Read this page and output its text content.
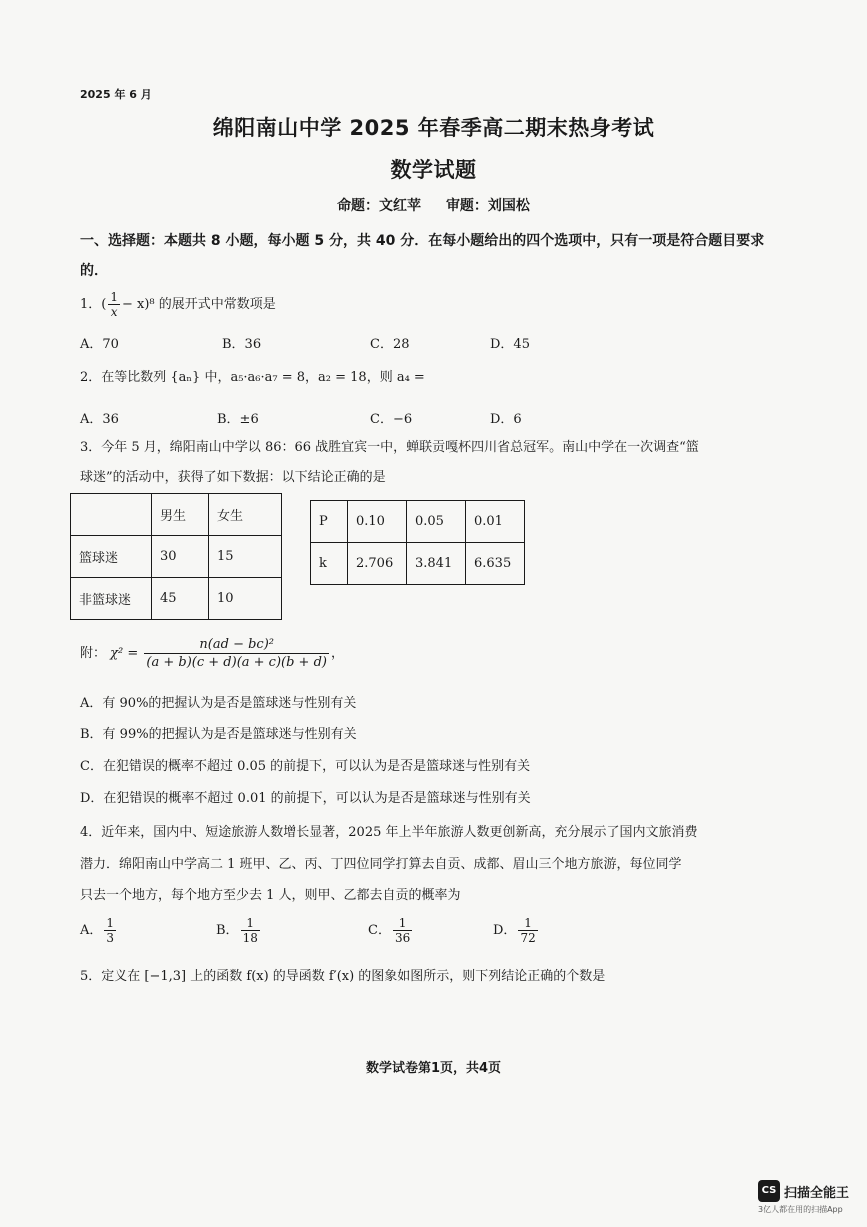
2025 年 6 月
绵阳南山中学 2025 年春季高二期末热身考试
数学试题
命题：文红苹 审题：刘国松
一、选择题：本题共 8 小题，每小题 5 分，共 40 分．在每小题给出的四个选项中，只有一项是符合题目要求的．
1．( $\frac{1}{x} - x)^8$ 的展开式中常数项是
A．70	B．36	C．28	D．45
2．在等比数列 {aₙ} 中，a₅·a₆·a₇ = 8，a₂ = 18，则 a₄ =
A．36	B．±6	C．−6	D．6
3．今年 5 月，绵阳南山中学以 86：66 战胜宜宾一中，蝉联贡嘎杯四川省总冠军。南山中学在一次调查“篮
球迷”的活动中，获得了如下数据：以下结论正确的是
	男生	女生
篮球迷	30	15
非篮球迷	45	10
P	0.10	0.05	0.01
k	2.706	3.841	6.635
附： $\chi^2 = \frac{\text{n(ad − bc)²}}{(a + b)(c + d)(a + c)(b + d)}$ ，
A．有 90%的把握认为是否是篮球迷与性别有关
B．有 99%的把握认为是否是篮球迷与性别有关
C．在犯错误的概率不超过 0.05 的前提下，可以认为是否是篮球迷与性别有关
D．在犯错误的概率不超过 0.01 的前提下，可以认为是否是篮球迷与性别有关
4．近年来，国内中、短途旅游人数增长显著，2025 年上半年旅游人数更创新高，充分展示了国内文旅消费
潜力．绵阳南山中学高二 1 班甲、乙、丙、丁四位同学打算去自贡、成都、眉山三个地方旅游，每位同学
只去一个地方，每个地方至少去 1 人，则甲、乙都去自贡的概率为
A． $\frac{1}{3}$	B． $\frac{1}{18}$	C． $\frac{1}{36}$	D． $\frac{1}{72}$
5．定义在 [−1,3] 上的函数 f(x) 的导函数 f′(x) 的图象如图所示，则下列结论正确的个数是
数学试卷第1页，共4页
CS 扫描全能王
3亿人都在用的扫描App
